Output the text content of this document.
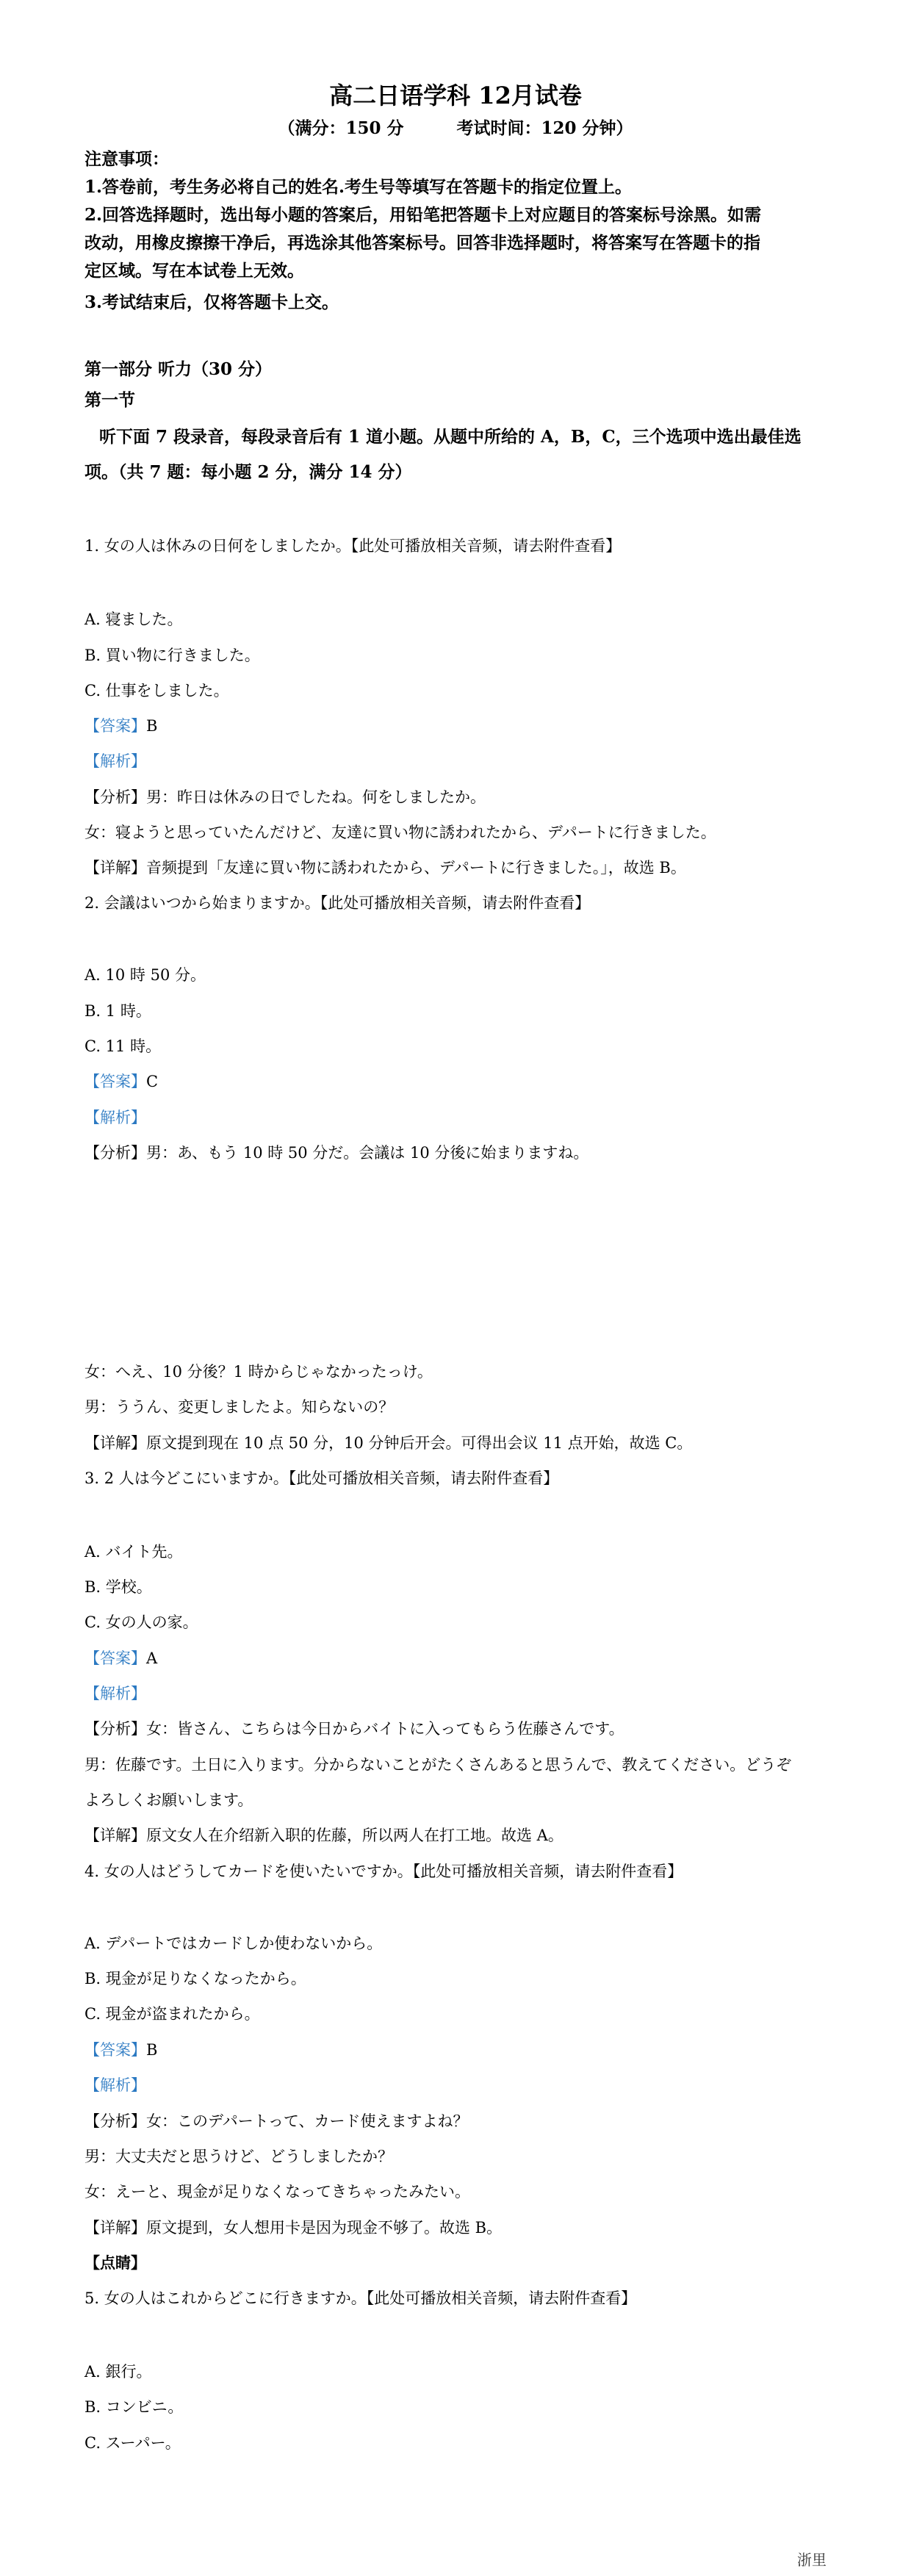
高二日语学科 12月试卷
（满分：150 分         考试时间：120 分钟）
注意事项：
1.答卷前，考生务必将自己的姓名.考生号等填写在答题卡的指定位置上。
2.回答选择题时，选出每小题的答案后，用铅笔把答题卡上对应题目的答案标号涂黑。如需
改动，用橡皮擦擦干净后，再选涂其他答案标号。回答非选择题时，将答案写在答题卡的指
定区域。写在本试卷上无效。
3.考试结束后，仅将答题卡上交。
第一部分 听力（30 分）
第一节
听下面 7 段录音，每段录音后有 1 道小题。从题中所给的 A，B，C，三个选项中选出最佳选
项。（共 7 题：每小题 2 分，满分 14 分）
1. 女の人は休みの日何をしましたか。【此处可播放相关音频，请去附件查看】
A. 寝ました。
B. 買い物に行きました。
C. 仕事をしました。
【答案】B
【解析】
【分析】男：昨日は休みの日でしたね。何をしましたか。
女：寝ようと思っていたんだけど、友達に買い物に誘われたから、デパートに行きました。
【详解】音频提到「友達に買い物に誘われたから、デパートに行きました。」，故选 B。
2. 会議はいつから始まりますか。【此处可播放相关音频，请去附件查看】
A. 10 時 50 分。
B. 1 時。
C. 11 時。
【答案】C
【解析】
【分析】男：あ、もう 10 時 50 分だ。会議は 10 分後に始まりますね。
女：へえ、10 分後？1 時からじゃなかったっけ。
男：ううん、変更しましたよ。知らないの？
【详解】原文提到现在 10 点 50 分，10 分钟后开会。可得出会议 11 点开始，故选 C。
3. 2 人は今どこにいますか。【此处可播放相关音频，请去附件查看】
A. バイト先。
B. 学校。
C. 女の人の家。
【答案】A
【解析】
【分析】女：皆さん、こちらは今日からバイトに入ってもらう佐藤さんです。
男：佐藤です。土日に入ります。分からないことがたくさんあると思うんで、教えてください。どうぞ
よろしくお願いします。
【详解】原文女人在介绍新入职的佐藤，所以两人在打工地。故选 A。
4. 女の人はどうしてカードを使いたいですか。【此处可播放相关音频，请去附件查看】
A. デパートではカードしか使わないから。
B. 現金が足りなくなったから。
C. 現金が盗まれたから。
【答案】B
【解析】
【分析】女：このデパートって、カード使えますよね？
男：大丈夫だと思うけど、どうしましたか？
女：えーと、現金が足りなくなってきちゃったみたい。
【详解】原文提到，女人想用卡是因为现金不够了。故选 B。
【点睛】
5. 女の人はこれからどこに行きますか。【此处可播放相关音频，请去附件查看】
A. 銀行。
B. コンビニ。
C. スーパー。
浙里
